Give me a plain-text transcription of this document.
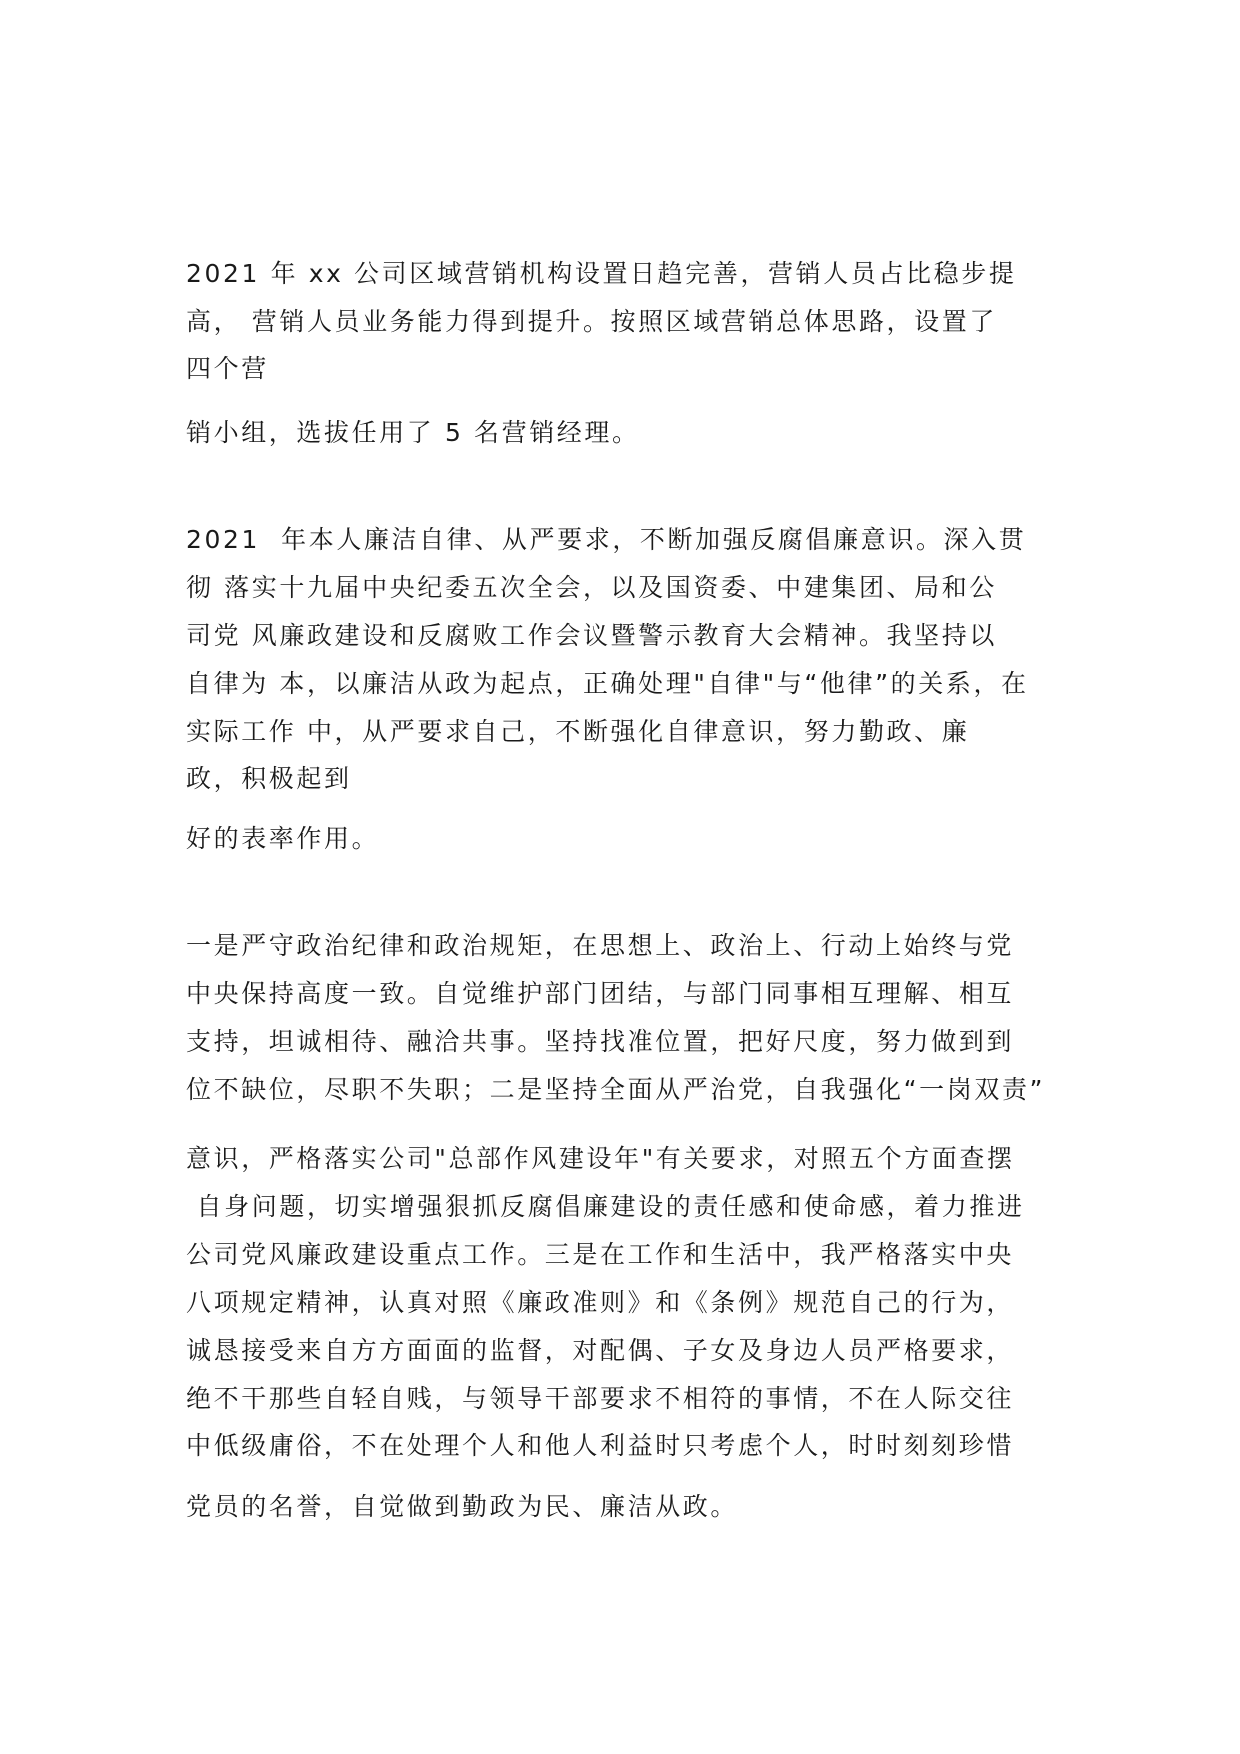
2021 年 xx 公司区域营销机构设置日趋完善，营销人员占比稳步提
高， 营销人员业务能力得到提升。按照区域营销总体思路，设置了
四个营
销小组，选拔任用了 5 名营销经理。
2021  年本人廉洁自律、从严要求，不断加强反腐倡廉意识。深入贯
彻 落实十九届中央纪委五次全会，以及国资委、中建集团、局和公
司党 风廉政建设和反腐败工作会议暨警示教育大会精神。我坚持以
自律为 本，以廉洁从政为起点，正确处理"自律"与“他律”的关系，在
实际工作 中，从严要求自己，不断强化自律意识，努力勤政、廉
政，积极起到
好的表率作用。
一是严守政治纪律和政治规矩，在思想上、政治上、行动上始终与党
中央保持高度一致。自觉维护部门团结，与部门同事相互理解、相互
支持，坦诚相待、融洽共事。坚持找准位置，把好尺度，努力做到到
位不缺位，尽职不失职；二是坚持全面从严治党，自我强化“一岗双责”
意识，严格落实公司"总部作风建设年"有关要求，对照五个方面查摆
自身问题，切实增强狠抓反腐倡廉建设的责任感和使命感，着力推进
公司党风廉政建设重点工作。三是在工作和生活中，我严格落实中央
八项规定精神，认真对照《廉政准则》和《条例》规范自己的行为，
诚恳接受来自方方面面的监督，对配偶、子女及身边人员严格要求，
绝不干那些自轻自贱，与领导干部要求不相符的事情，不在人际交往
中低级庸俗，不在处理个人和他人利益时只考虑个人，时时刻刻珍惜
党员的名誉，自觉做到勤政为民、廉洁从政。
